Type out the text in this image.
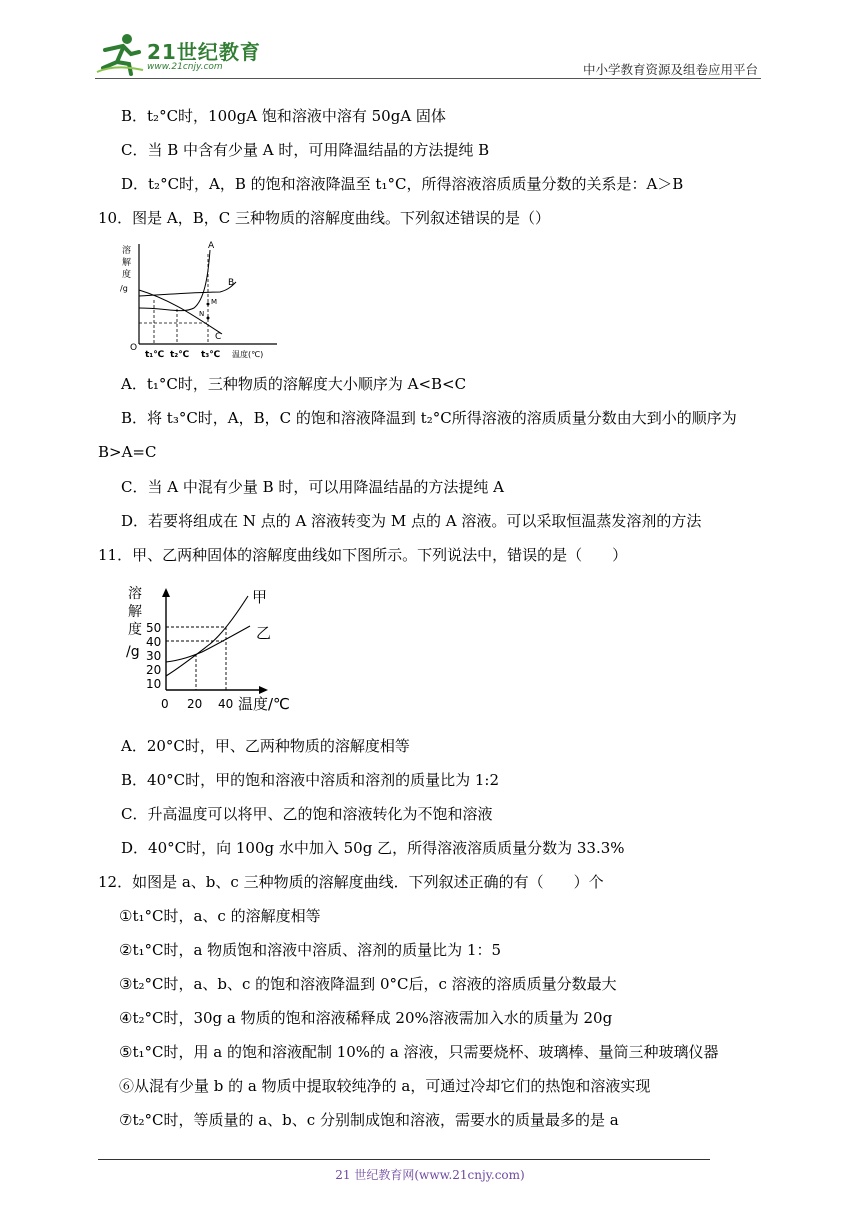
21世纪教育
www.21cnjy.com	中小学教育资源及组卷应用平台
B．t₂°C时，100gA 饱和溶液中溶有 50gA 固体
C．当 B 中含有少量 A 时，可用降温结晶的方法提纯 B
D．t₂°C时，A，B 的饱和溶液降温至 t₁°C，所得溶液溶质质量分数的关系是：A＞B
10．图是 A，B，C 三种物质的溶解度曲线。下列叙述错误的是（）
溶
解
度
/g
O
A
B
C
M
N
t₁℃ t₂℃ t₃℃ 温度(℃)
A．t₁°C时，三种物质的溶解度大小顺序为 A<B<C
B．将 t₃°C时，A，B，C 的饱和溶液降温到 t₂°C所得溶液的溶质质量分数由大到小的顺序为
B>A=C
C．当 A 中混有少量 B 时，可以用降温结晶的方法提纯 A
D．若要将组成在 N 点的 A 溶液转变为 M 点的 A 溶液。可以采取恒温蒸发溶剂的方法
11．甲、乙两种固体的溶解度曲线如下图所示。下列说法中，错误的是（　　）
溶
解
度
/g
50
40
30
20
10
甲
乙
0 20 40 温度/℃
A．20°C时，甲、乙两种物质的溶解度相等
B．40°C时，甲的饱和溶液中溶质和溶剂的质量比为 1:2
C．升高温度可以将甲、乙的饱和溶液转化为不饱和溶液
D．40°C时，向 100g 水中加入 50g 乙，所得溶液溶质质量分数为 33.3%
12．如图是 a、b、c 三种物质的溶解度曲线．下列叙述正确的有（　　）个
①t₁°C时，a、c 的溶解度相等
②t₁°C时，a 物质饱和溶液中溶质、溶剂的质量比为 1：5
③t₂°C时，a、b、c 的饱和溶液降温到 0°C后，c 溶液的溶质质量分数最大
④t₂°C时，30g a 物质的饱和溶液稀释成 20%溶液需加入水的质量为 20g
⑤t₁°C时，用 a 的饱和溶液配制 10%的 a 溶液，只需要烧杯、玻璃棒、量筒三种玻璃仪器
⑥从混有少量 b 的 a 物质中提取较纯净的 a，可通过冷却它们的热饱和溶液实现
⑦t₂°C时，等质量的 a、b、c 分别制成饱和溶液，需要水的质量最多的是 a
21 世纪教育网(www.21cnjy.com)
